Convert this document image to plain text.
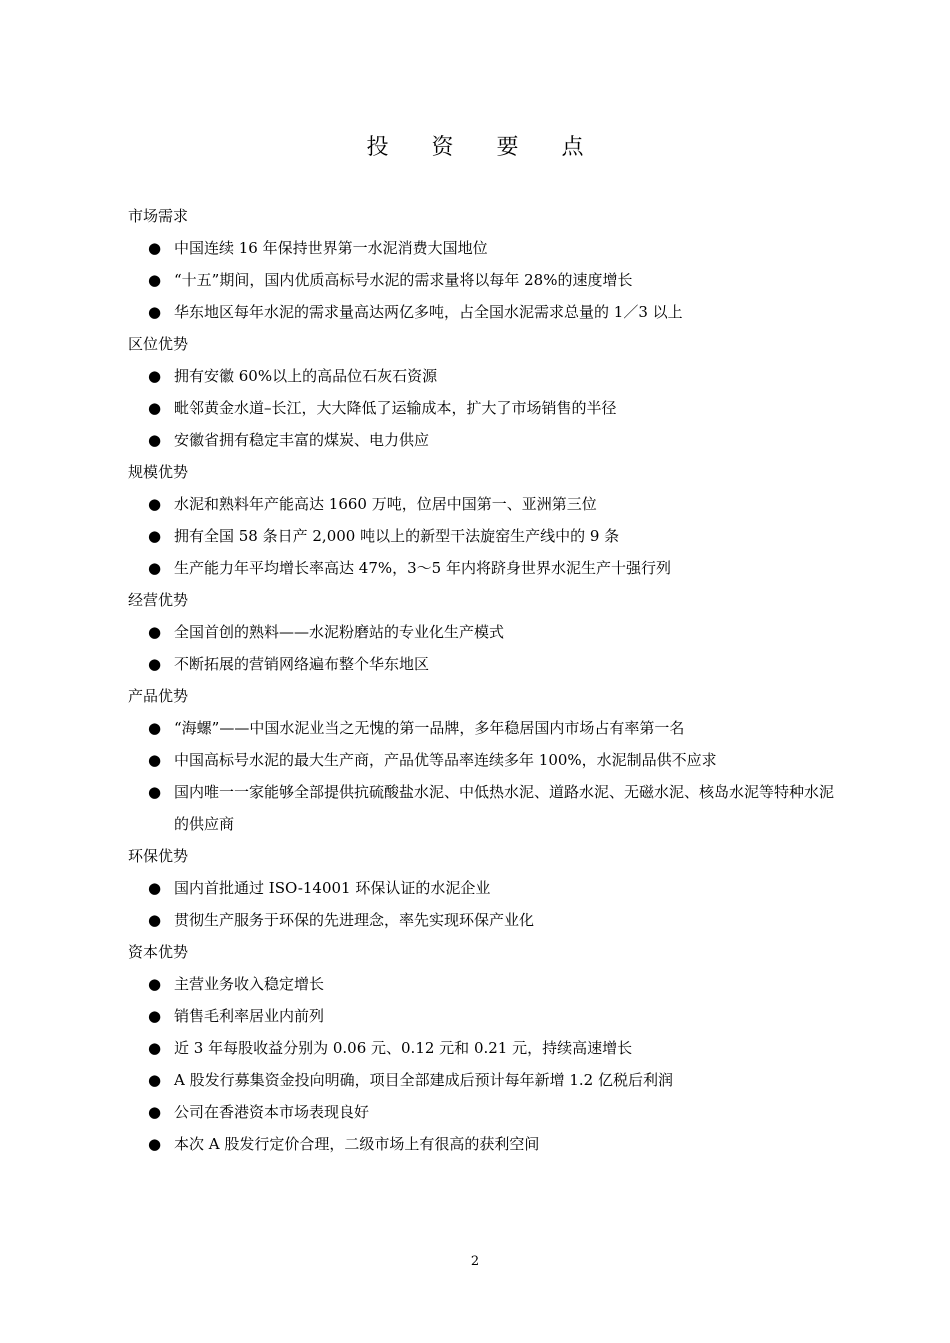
投 资 要 点
市场需求
● 中国连续 16 年保持世界第一水泥消费大国地位
● “十五”期间，国内优质高标号水泥的需求量将以每年 28%的速度增长
● 华东地区每年水泥的需求量高达两亿多吨，占全国水泥需求总量的 1／3 以上
区位优势
● 拥有安徽 60%以上的高品位石灰石资源
● 毗邻黄金水道–长江，大大降低了运输成本，扩大了市场销售的半径
● 安徽省拥有稳定丰富的煤炭、电力供应
规模优势
● 水泥和熟料年产能高达 1660 万吨，位居中国第一、亚洲第三位
● 拥有全国 58 条日产 2,000 吨以上的新型干法旋窑生产线中的 9 条
● 生产能力年平均增长率高达 47%，3～5 年内将跻身世界水泥生产十强行列
经营优势
● 全国首创的熟料——水泥粉磨站的专业化生产模式
● 不断拓展的营销网络遍布整个华东地区
产品优势
● “海螺”——中国水泥业当之无愧的第一品牌，多年稳居国内市场占有率第一名
● 中国高标号水泥的最大生产商，产品优等品率连续多年 100%，水泥制品供不应求
● 国内唯一一家能够全部提供抗硫酸盐水泥、中低热水泥、道路水泥、无磁水泥、核岛水泥等特种水泥的供应商
环保优势
● 国内首批通过 ISO-14001 环保认证的水泥企业
● 贯彻生产服务于环保的先进理念，率先实现环保产业化
资本优势
● 主营业务收入稳定增长
● 销售毛利率居业内前列
● 近 3 年每股收益分别为 0.06 元、0.12 元和 0.21 元，持续高速增长
● A 股发行募集资金投向明确，项目全部建成后预计每年新增 1.2 亿税后利润
● 公司在香港资本市场表现良好
● 本次 A 股发行定价合理，二级市场上有很高的获利空间
2
